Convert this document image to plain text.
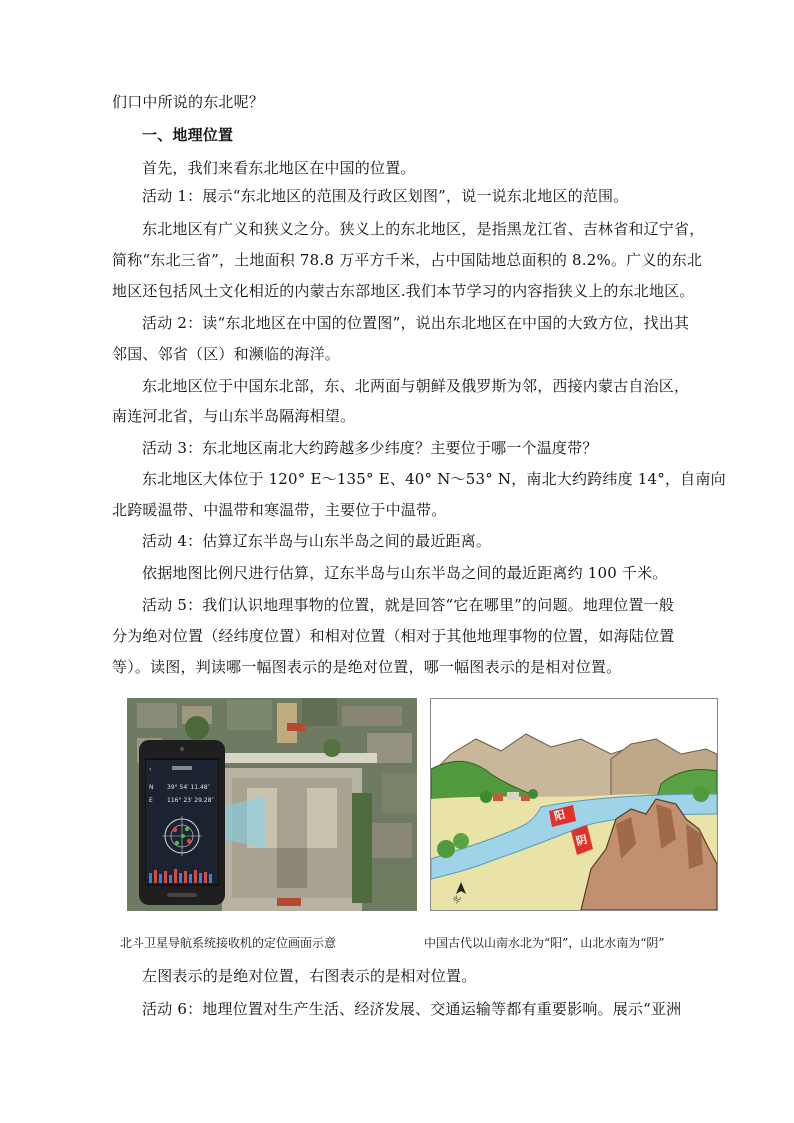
们口中所说的东北呢？
一、地理位置
首先，我们来看东北地区在中国的位置。
活动 1：展示“东北地区的范围及行政区划图”，说一说东北地区的范围。
东北地区有广义和狭义之分。狭义上的东北地区，是指黑龙江省、吉林省和辽宁省，
简称“东北三省”，土地面积 78.8 万平方千米，占中国陆地总面积的 8.2%。广义的东北
地区还包括风土文化相近的内蒙古东部地区.我们本节学习的内容指狭义上的东北地区。
活动 2：读“东北地区在中国的位置图”，说出东北地区在中国的大致方位，找出其
邻国、邻省（区）和濒临的海洋。
东北地区位于中国东北部，东、北两面与朝鲜及俄罗斯为邻，西接内蒙古自治区，
南连河北省，与山东半岛隔海相望。
活动 3：东北地区南北大约跨越多少纬度？主要位于哪一个温度带？
东北地区大体位于 120° E～135° E、40° N～53° N，南北大约跨纬度 14°，自南向
北跨暖温带、中温带和寒温带，主要位于中温带。
活动 4：估算辽东半岛与山东半岛之间的最近距离。
依据地图比例尺进行估算，辽东半岛与山东半岛之间的最近距离约 100 千米。
活动 5：我们认识地理事物的位置，就是回答“它在哪里”的问题。地理位置一般
分为绝对位置（经纬度位置）和相对位置（相对于其他地理事物的位置，如海陆位置
等）。读图，判读哪一幅图表示的是绝对位置，哪一幅图表示的是相对位置。
‹
N 39° 54′ 11.48″
E 116° 23′ 29.28″
阳
阴
北
北斗卫星导航系统接收机的定位画面示意	中国古代以山南水北为“阳”，山北水南为“阴”
左图表示的是绝对位置，右图表示的是相对位置。
活动 6：地理位置对生产生活、经济发展、交通运输等都有重要影响。展示“亚洲
